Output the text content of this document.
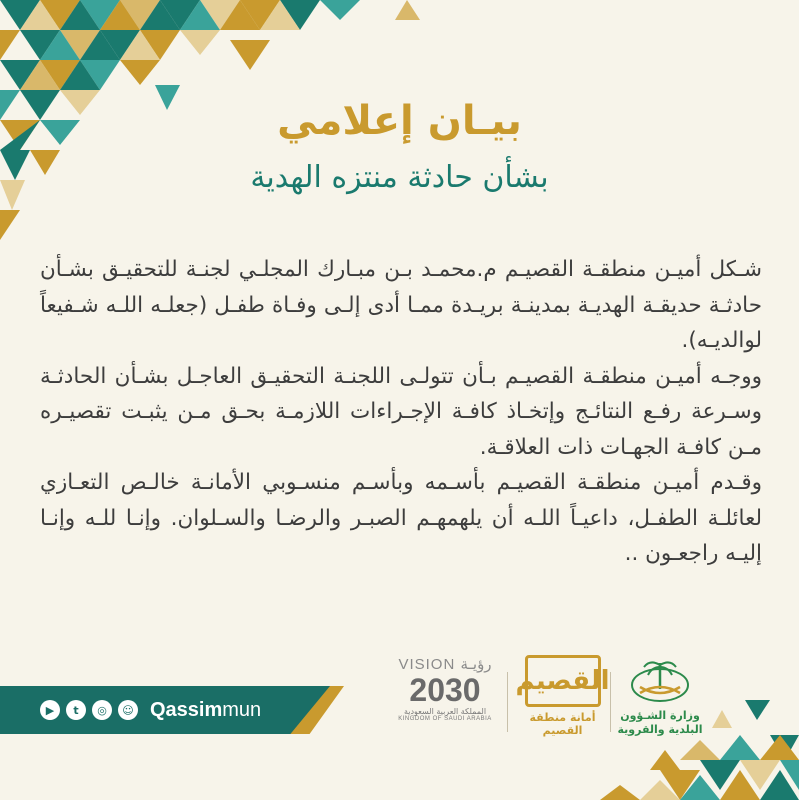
بيـان إعلامي
بشأن حادثة منتزه الهدية

شـكل أميـن منطقـة القصيـم م.محمـد بـن مبـارك المجلـي لجنـة للتحقيـق بشـأن حادثـة حديقـة الهديـة بمدينـة بريـدة ممـا أدى إلـى وفـاة طفـل (جعلـه اللـه شـفيعاً لوالديـه).

ووجـه أميـن منطقـة القصيـم بـأن تتولـى اللجنـة التحقيـق العاجـل بشـأن الحادثـة وسـرعة رفـع النتائـج وإتخـاذ كافـة الإجـراءات اللازمـة بحـق مـن يثبـت تقصيـره مـن كافـة الجهـات ذات العلاقـة.

وقـدم أميـن منطقـة القصيـم بأسـمه وبأسـم منسـوبي الأمانـة خالـص التعـازي لعائلـة الطفـل، داعيـاً اللـه أن يلهمهـم الصبـر والرضـا والسـلوان. وإنـا للـه وإنـا إليـه راجعـون ..

▶	t	◎	☺ Qassimmun
VISION رؤيـة
2030
المملكة العربية السعودية
KINGDOM OF SAUDI ARABIA
القصيم
أمانة منطقة القصيم
وزارة الشـؤون
البلدية والقروية
